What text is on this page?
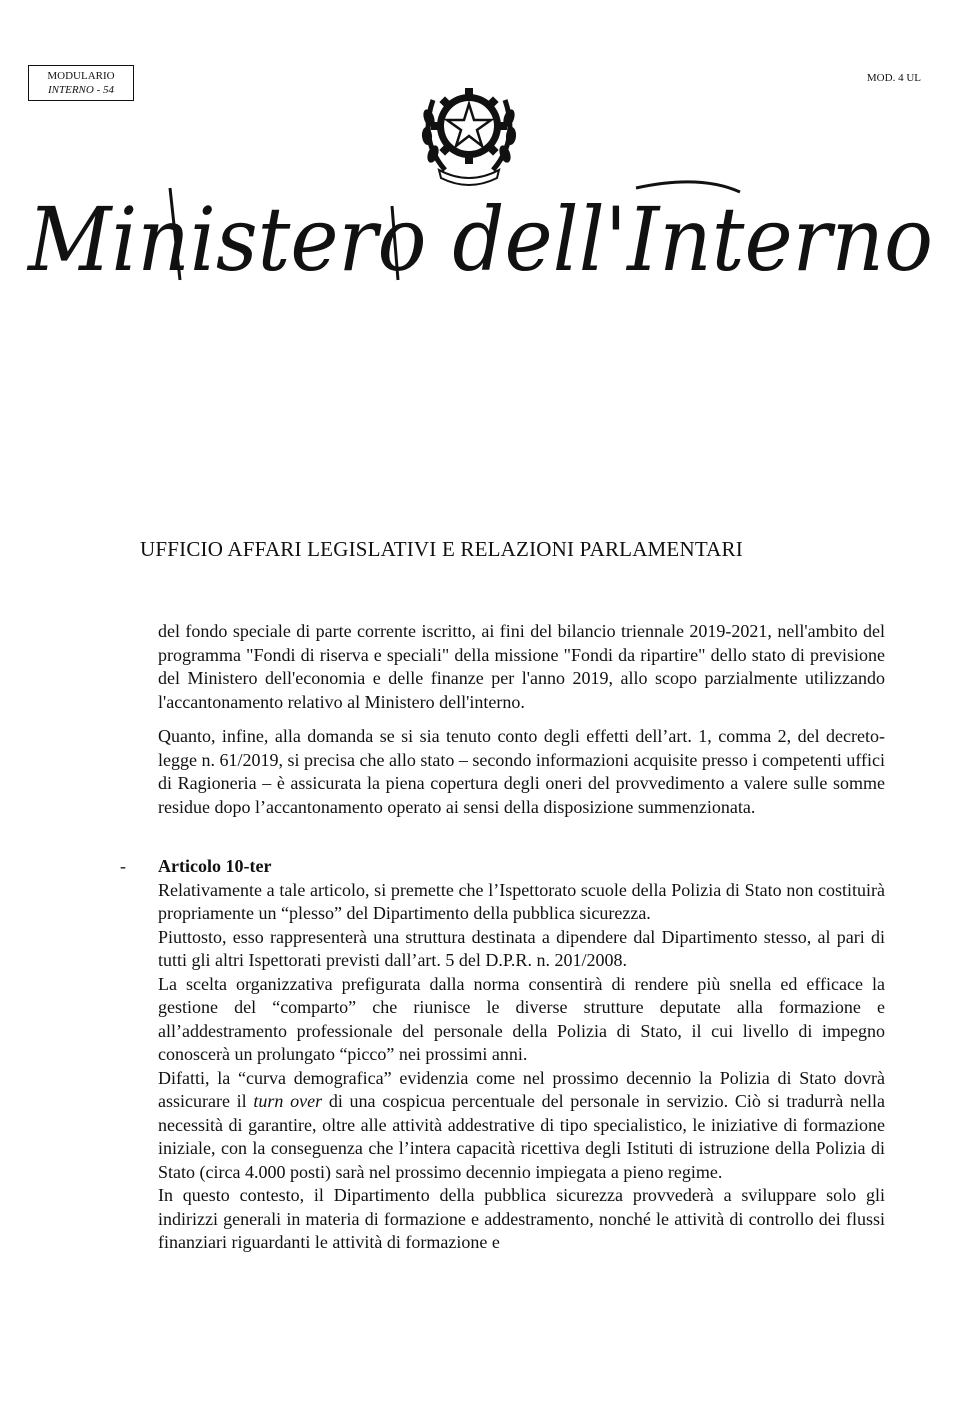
MODULARIO
INTERNO - 54
MOD. 4 UL
Ministero dell'Interno
UFFICIO AFFARI LEGISLATIVI E RELAZIONI PARLAMENTARI

del fondo speciale di parte corrente iscritto, ai fini del bilancio triennale 2019-2021, nell'ambito del programma "Fondi di riserva e speciali" della missione "Fondi da ripartire" dello stato di previsione del Ministero dell'economia e delle finanze per l'anno 2019, allo scopo parzialmente utilizzando l'accantonamento relativo al Ministero dell'interno.

Quanto, infine, alla domanda se si sia tenuto conto degli effetti dell’art. 1, comma 2, del decreto-legge n. 61/2019, si precisa che allo stato – secondo informazioni acquisite presso i competenti uffici di Ragioneria – è assicurata la piena copertura degli oneri del provvedimento a valere sulle somme residue dopo l’accantonamento operato ai sensi della disposizione summenzionata.

- Articolo 10-ter

Relativamente a tale articolo, si premette che l’Ispettorato scuole della Polizia di Stato non costituirà propriamente un “plesso” del Dipartimento della pubblica sicurezza.

Piuttosto, esso rappresenterà una struttura destinata a dipendere dal Dipartimento stesso, al pari di tutti gli altri Ispettorati previsti dall’art. 5 del D.P.R. n. 201/2008.

La scelta organizzativa prefigurata dalla norma consentirà di rendere più snella ed efficace la gestione del “comparto” che riunisce le diverse strutture deputate alla formazione e all’addestramento professionale del personale della Polizia di Stato, il cui livello di impegno conoscerà un prolungato “picco” nei prossimi anni.

Difatti, la “curva demografica” evidenzia come nel prossimo decennio la Polizia di Stato dovrà assicurare il turn over di una cospicua percentuale del personale in servizio. Ciò si tradurrà nella necessità di garantire, oltre alle attività addestrative di tipo specialistico, le iniziative di formazione iniziale, con la conseguenza che l’intera capacità ricettiva degli Istituti di istruzione della Polizia di Stato (circa 4.000 posti) sarà nel prossimo decennio impiegata a pieno regime.

In questo contesto, il Dipartimento della pubblica sicurezza provvederà a sviluppare solo gli indirizzi generali in materia di formazione e addestramento, nonché le attività di controllo dei flussi finanziari riguardanti le attività di formazione e
